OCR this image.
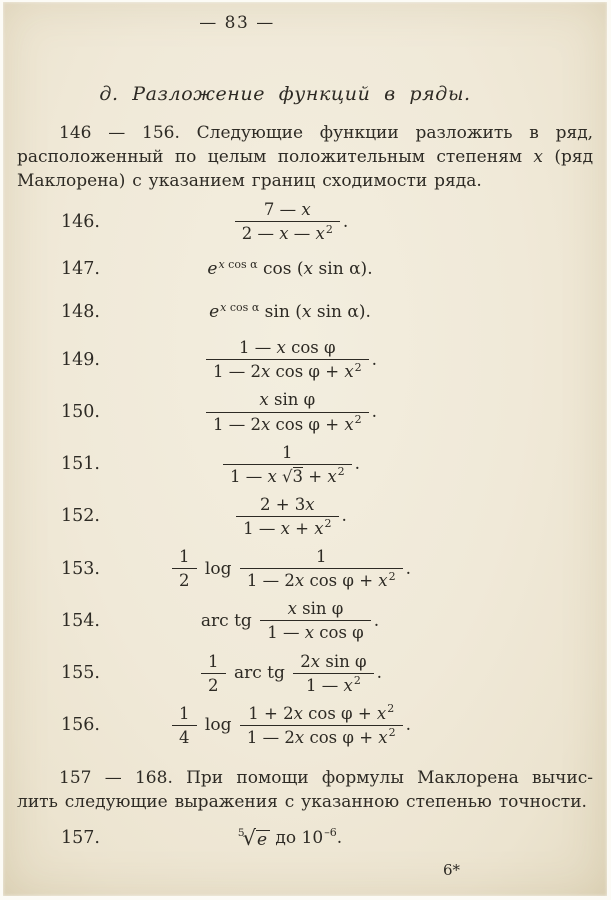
— 83 —
д. Разложение функций в ряды.
146 — 156. Следующие функции разложить в ряд,
расположенный по целым положительным степеням x (ряд
Маклорена) с указанием границ сходимости ряда.
146.	$\frac{7 — x}{2 — x — x^2}$ .
147.	$e^{x cos \alpha}$ cos (x sin α).
148.	$e^{x cos \alpha}$ sin (x sin α).
149.	$\frac{\text{1 — x cos φ}}{1 — 2x \cos \varphi + x^2}$ .
150.	$\frac{\text{x sin φ}}{1 — 2x \cos \varphi + x^2}$ .
151.	$\frac{1}{1 — x √3 + x^2}$ .
152.	$\frac{2 + 3x}{1 — x + x^2}$ .
153.	$\frac{1}{2}$ $\log \frac{1}{1 — 2x \cos \varphi + x^2}$ .
154.	arc tg $\frac{\text{x sin φ}}{\text{1 — x cos φ}}$ .
155.	$\frac{1}{2}$ arc tg $\frac{\text{2x sin φ}}{1 — x^2}$ .
156.	$\frac{1}{4}$ $\log \frac{1 + 2x \cos \varphi + x^2}{1 — 2x \cos \varphi + x^2}$ .
157 — 168. При помощи формулы Маклорена вычис-
лить следующие выражения с указанною степенью точности.
157.	$^5$√e до $10^{-6}$.
6*
